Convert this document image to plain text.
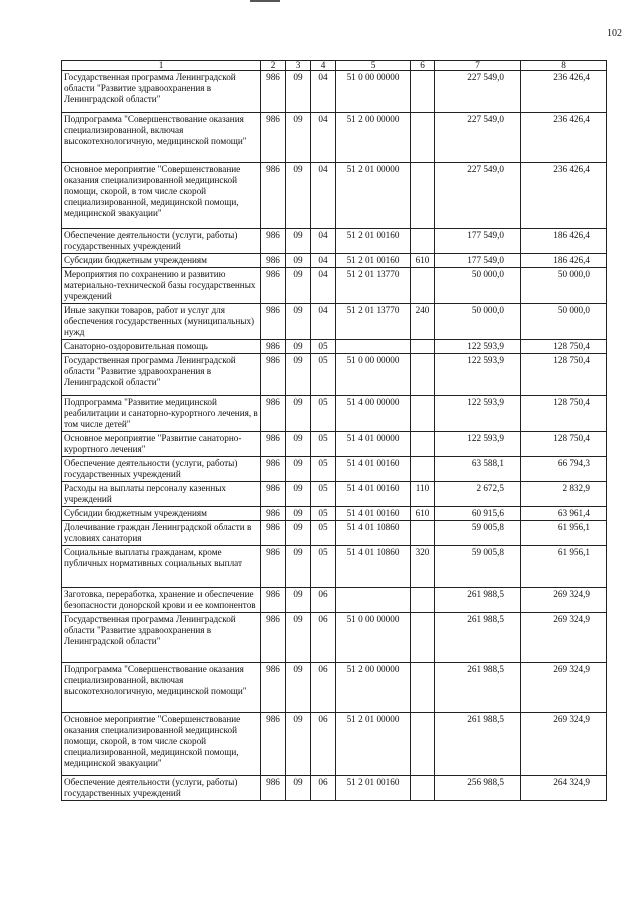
102
1	2	3	4	5	6	7	8
Государственная программа Ленинградской области "Развитие здравоохранения в Ленинградской области"	986	09	04	51 0 00 00000		227 549,0	236 426,4
Подпрограмма "Совершенствование оказания специализированной, включая высокотехнологичную, медицинской помощи"	986	09	04	51 2 00 00000		227 549,0	236 426,4
Основное мероприятие "Совершенствование оказания специализированной медицинской помощи, скорой, в том числе скорой специализированной, медицинской помощи, медицинской эвакуации"	986	09	04	51 2 01 00000		227 549,0	236 426,4
Обеспечение деятельности (услуги, работы) государственных учреждений	986	09	04	51 2 01 00160		177 549,0	186 426,4
Субсидии бюджетным учреждениям	986	09	04	51 2 01 00160	610	177 549,0	186 426,4
Мероприятия по сохранению и развитию материально-технической базы государственных учреждений	986	09	04	51 2 01 13770		50 000,0	50 000,0
Иные закупки товаров, работ и услуг для обеспечения государственных (муниципальных) нужд	986	09	04	51 2 01 13770	240	50 000,0	50 000,0
Санаторно-оздоровительная помощь	986	09	05			122 593,9	128 750,4
Государственная программа Ленинградской области "Развитие здравоохранения в Ленинградской области"	986	09	05	51 0 00 00000		122 593,9	128 750,4
Подпрограмма "Развитие медицинской реабилитации и санаторно-курортного лечения, в том числе детей"	986	09	05	51 4 00 00000		122 593,9	128 750,4
Основное мероприятие "Развитие санаторно-курортного лечения"	986	09	05	51 4 01 00000		122 593,9	128 750,4
Обеспечение деятельности (услуги, работы) государственных учреждений	986	09	05	51 4 01 00160		63 588,1	66 794,3
Расходы на выплаты персоналу казенных учреждений	986	09	05	51 4 01 00160	110	2 672,5	2 832,9
Субсидии бюджетным учреждениям	986	09	05	51 4 01 00160	610	60 915,6	63 961,4
Долечивание граждан Ленинградской области в условиях санатория	986	09	05	51 4 01 10860		59 005,8	61 956,1
Социальные выплаты гражданам, кроме публичных нормативных социальных выплат	986	09	05	51 4 01 10860	320	59 005,8	61 956,1
Заготовка, переработка, хранение и обеспечение безопасности донорской крови и ее компонентов	986	09	06			261 988,5	269 324,9
Государственная программа Ленинградской области "Развитие здравоохранения в Ленинградской области"	986	09	06	51 0 00 00000		261 988,5	269 324,9
Подпрограмма "Совершенствование оказания специализированной, включая высокотехнологичную, медицинской помощи"	986	09	06	51 2 00 00000		261 988,5	269 324,9
Основное мероприятие "Совершенствование оказания специализированной медицинской помощи, скорой, в том числе скорой специализированной, медицинской помощи, медицинской эвакуации"	986	09	06	51 2 01 00000		261 988,5	269 324,9
Обеспечение деятельности (услуги, работы) государственных учреждений	986	09	06	51 2 01 00160		256 988,5	264 324,9
